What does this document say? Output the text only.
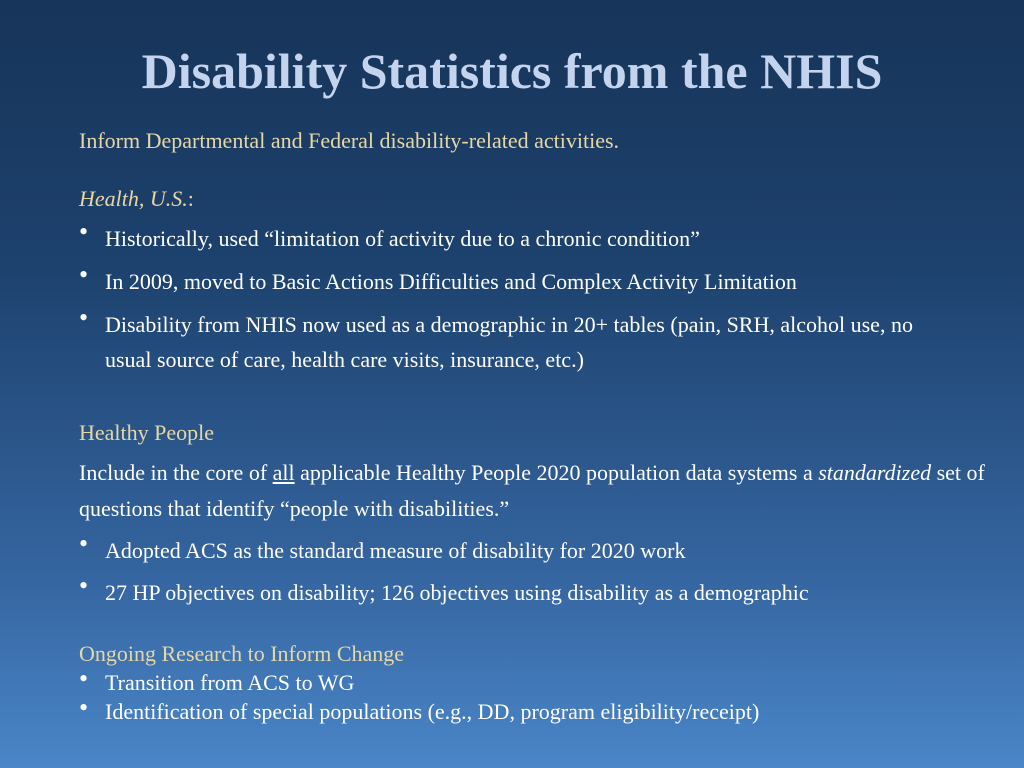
Disability Statistics from the NHIS

Inform Departmental and Federal disability-related activities.

Health, U.S.:

• Historically, used “limitation of activity due to a chronic condition”
• In 2009, moved to Basic Actions Difficulties and Complex Activity Limitation
• Disability from NHIS now used as a demographic in 20+ tables (pain, SRH, alcohol use, no usual source of care, health care visits, insurance, etc.)

Healthy People

Include in the core of all applicable Healthy People 2020 population data systems a standardized set of questions that identify “people with disabilities.”

• Adopted ACS as the standard measure of disability for 2020 work
• 27 HP objectives on disability; 126 objectives using disability as a demographic

Ongoing Research to Inform Change

• Transition from ACS to WG
• Identification of special populations (e.g., DD, program eligibility/receipt)
